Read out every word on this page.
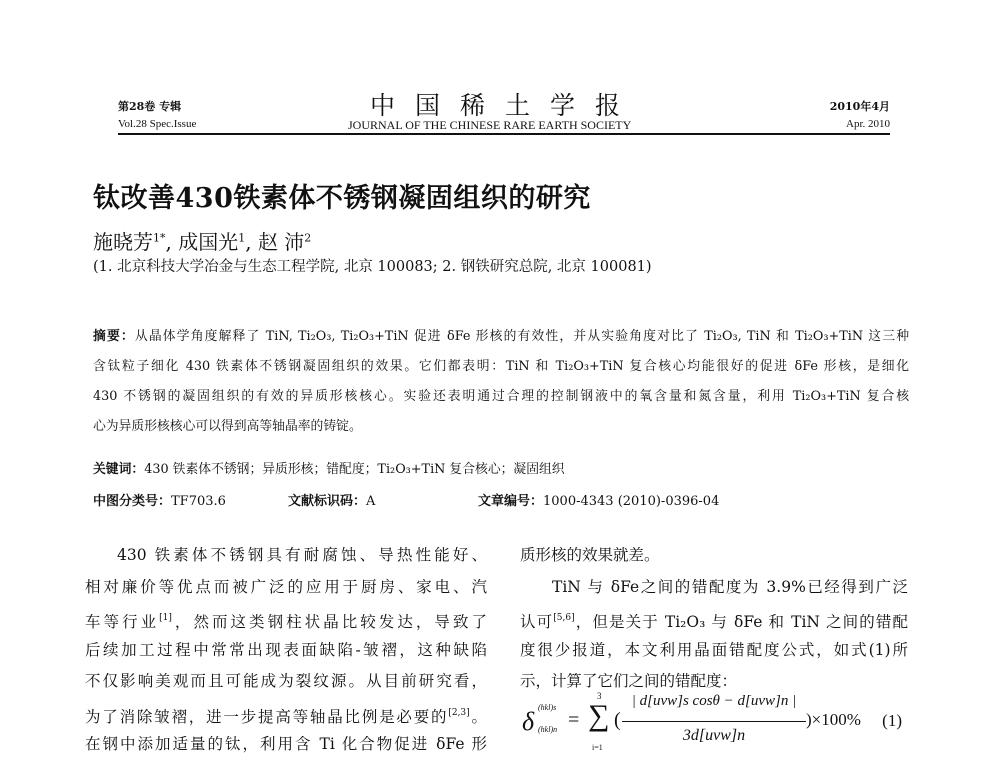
第28卷 专辑
Vol.28 Spec.Issue
中国稀土学报
JOURNAL OF THE CHINESE RARE EARTH SOCIETY
2010年4月
Apr. 2010
钛改善430铁素体不锈钢凝固组织的研究
施晓芳$^{1*}$, 成国光$^1$, 赵 沛$^2$
(1. 北京科技大学冶金与生态工程学院, 北京 100083; 2. 钢铁研究总院, 北京 100081)
摘要：从晶体学角度解释了 TiN, Ti₂O₃, Ti₂O₃+TiN 促进 δFe 形核的有效性，并从实验角度对比了 Ti₂O₃, TiN 和 Ti₂O₃+TiN 这三种
含钛粒子细化 430 铁素体不锈钢凝固组织的效果。它们都表明：TiN 和 Ti₂O₃+TiN 复合核心均能很好的促进 δFe 形核，是细化
430 不锈钢的凝固组织的有效的异质形核核心。实验还表明通过合理的控制钢液中的氧含量和氮含量，利用 Ti₂O₃+TiN 复合核
心为异质形核核心可以得到高等轴晶率的铸锭。
关键词：430 铁素体不锈钢；异质形核；错配度；Ti₂O₃+TiN 复合核心；凝固组织
中图分类号：TF703.6	文献标识码：A	文章编号：1000-4343 (2010)-0396-04
430 铁素体不锈钢具有耐腐蚀、导热性能好、
相对廉价等优点而被广泛的应用于厨房、家电、汽
车等行业[1]，然而这类钢柱状晶比较发达，导致了
后续加工过程中常常出现表面缺陷-皱褶，这种缺陷
不仅影响美观而且可能成为裂纹源。从目前研究看，
为了消除皱褶，进一步提高等轴晶比例是必要的[2,3]。
在钢中添加适量的钛，利用含 Ti 化合物促进 δFe 形
质形核的效果就差。
TiN 与 δFe之间的错配度为 3.9%已经得到广泛
认可[5,6]，但是关于 Ti₂O₃ 与 δFe 和 TiN 之间的错配
度很少报道，本文利用晶面错配度公式，如式(1)所
示，计算了它们之间的错配度：
δ (hkl)s
(hkl)n =
3
∑
i=1
(
| d[uvw]s cosθ − d[uvw]n |
3d[uvw]n
)×100% (1)
